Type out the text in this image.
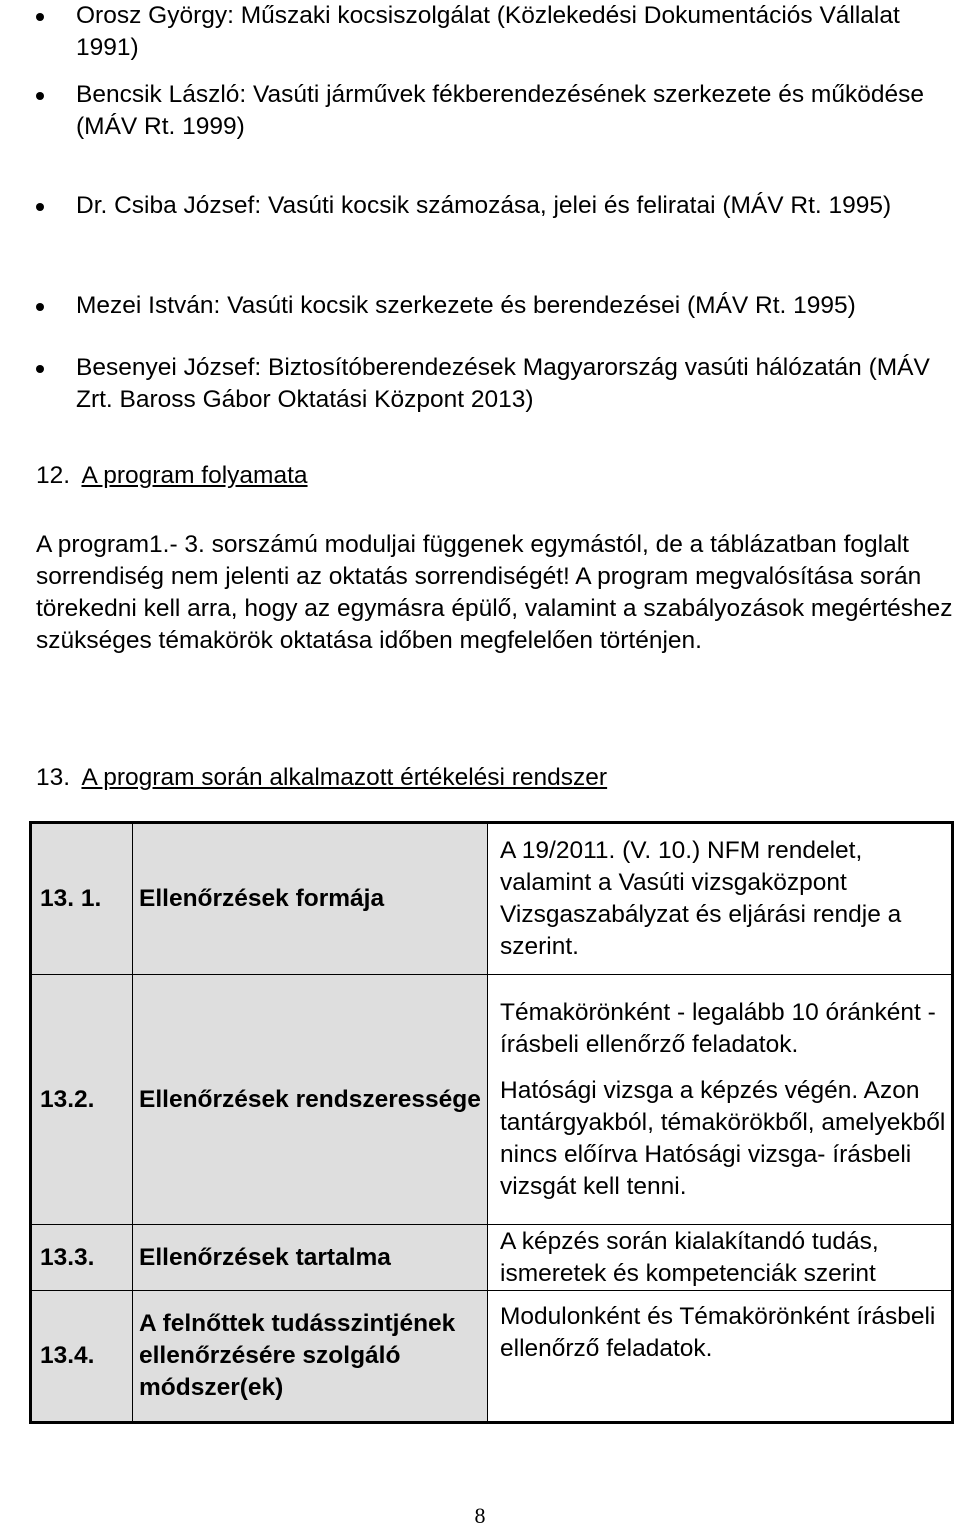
Orosz György: Műszaki kocsiszolgálat (Közlekedési Dokumentációs Vállalat 1991)
Bencsik László: Vasúti járművek fékberendezésének szerkezete és működése (MÁV Rt. 1999)
Dr. Csiba József: Vasúti kocsik számozása, jelei és feliratai (MÁV Rt. 1995)
Mezei István: Vasúti kocsik szerkezete és berendezései (MÁV Rt. 1995)
Besenyei József: Biztosítóberendezések Magyarország vasúti hálózatán (MÁV Zrt. Baross Gábor Oktatási Központ 2013)
12. A program folyamata
A program1.- 3. sorszámú moduljai függenek egymástól, de a táblázatban foglalt sorrendiség nem jelenti az oktatás sorrendiségét! A program megvalósítása során törekedni kell arra, hogy az egymásra épülő, valamint a szabályozások megértéshez szükséges témakörök oktatása időben megfelelően történjen.
13. A program során alkalmazott értékelési rendszer
13. 1.	Ellenőrzések formája	A 19/2011. (V. 10.) NFM rendelet, valamint a Vasúti vizsgaközpont Vizsgaszabályzat és eljárási rendje a szerint.

13.2.	Ellenőrzések rendszeressége	Témakörönként - legalább 10 óránként - írásbeli ellenőrző feladatok.
Hatósági vizsga a képzés végén. Azon tantárgyakból, témakörökből, amelyekből nincs előírva Hatósági vizsga- írásbeli vizsgát kell tenni.

13.3.	Ellenőrzések tartalma	A képzés során kialakítandó tudás, ismeretek és kompetenciák szerint

13.4.	A felnőttek tudásszintjének ellenőrzésére szolgáló módszer(ek)	Modulonként és Témakörönként írásbeli ellenőrző feladatok.
8
